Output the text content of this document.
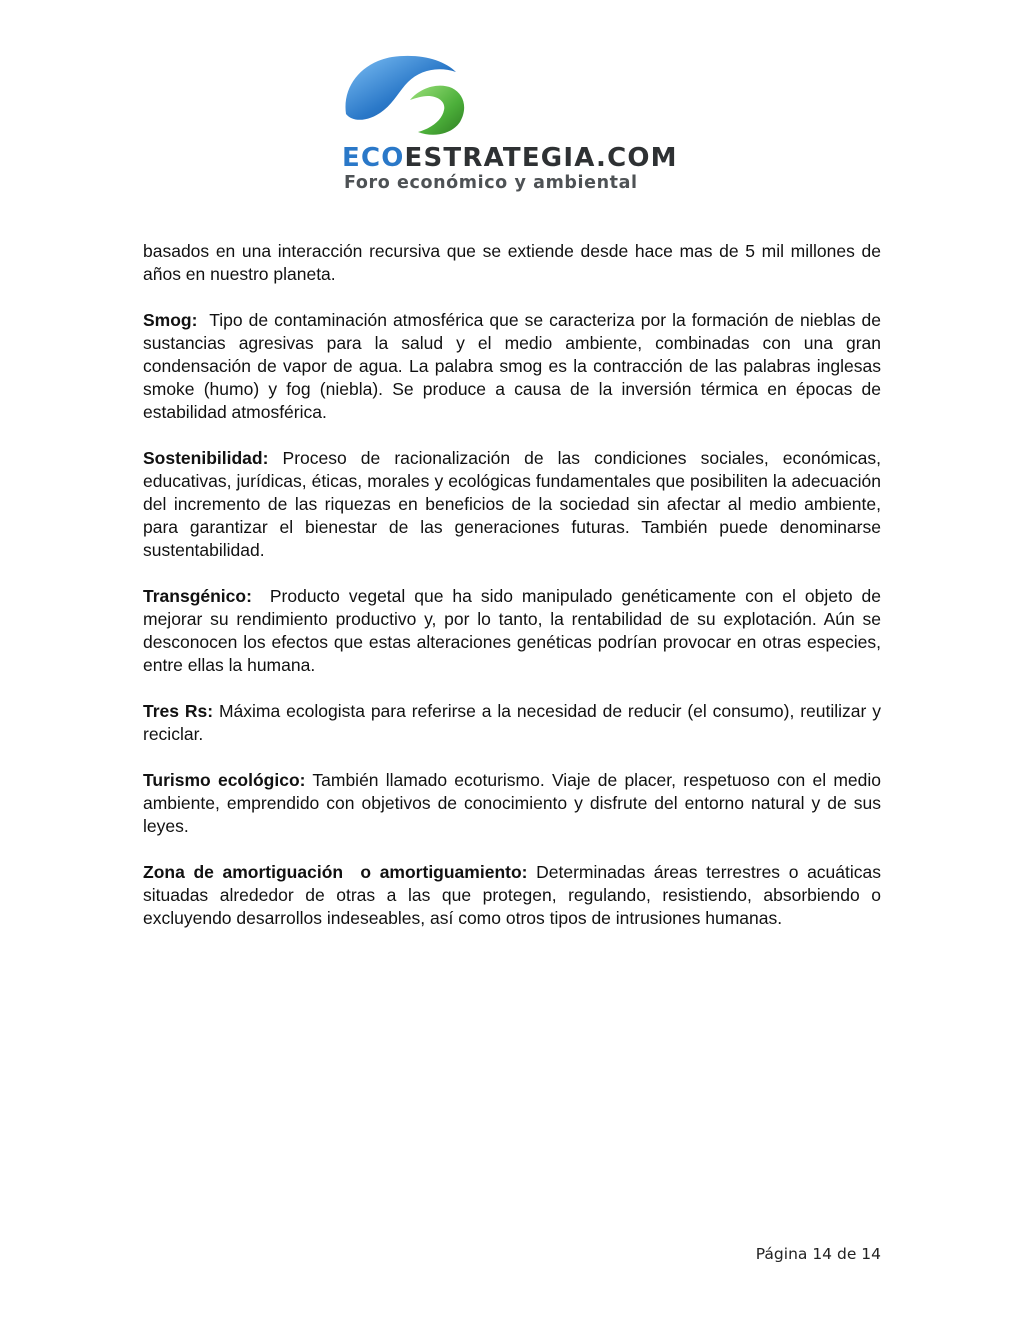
ECOESTRATEGIA.COM
Foro económico y ambiental

basados en una interacción recursiva que se extiende desde hace mas de 5 mil millones de años en nuestro planeta.

Smog: Tipo de contaminación atmosférica que se caracteriza por la formación de nieblas de sustancias agresivas para la salud y el medio ambiente, combinadas con una gran condensación de vapor de agua. La palabra smog es la contracción de las palabras inglesas smoke (humo) y fog (niebla). Se produce a causa de la inversión térmica en épocas de estabilidad atmosférica.

Sostenibilidad: Proceso de racionalización de las condiciones sociales, económicas, educativas, jurídicas, éticas, morales y ecológicas fundamentales que posibiliten la adecuación del incremento de las riquezas en beneficios de la sociedad sin afectar al medio ambiente, para garantizar el bienestar de las generaciones futuras. También puede denominarse sustentabilidad.

Transgénico: Producto vegetal que ha sido manipulado genéticamente con el objeto de mejorar su rendimiento productivo y, por lo tanto, la rentabilidad de su explotación. Aún se desconocen los efectos que estas alteraciones genéticas podrían provocar en otras especies, entre ellas la humana.

Tres Rs: Máxima ecologista para referirse a la necesidad de reducir (el consumo), reutilizar y reciclar.

Turismo ecológico: También llamado ecoturismo. Viaje de placer, respetuoso con el medio ambiente, emprendido con objetivos de conocimiento y disfrute del entorno natural y de sus leyes.

Zona de amortiguación  o amortiguamiento: Determinadas áreas terrestres o acuáticas situadas alrededor de otras a las que protegen, regulando, resistiendo, absorbiendo o excluyendo desarrollos indeseables, así como otros tipos de intrusiones humanas.

Página 14 de 14
